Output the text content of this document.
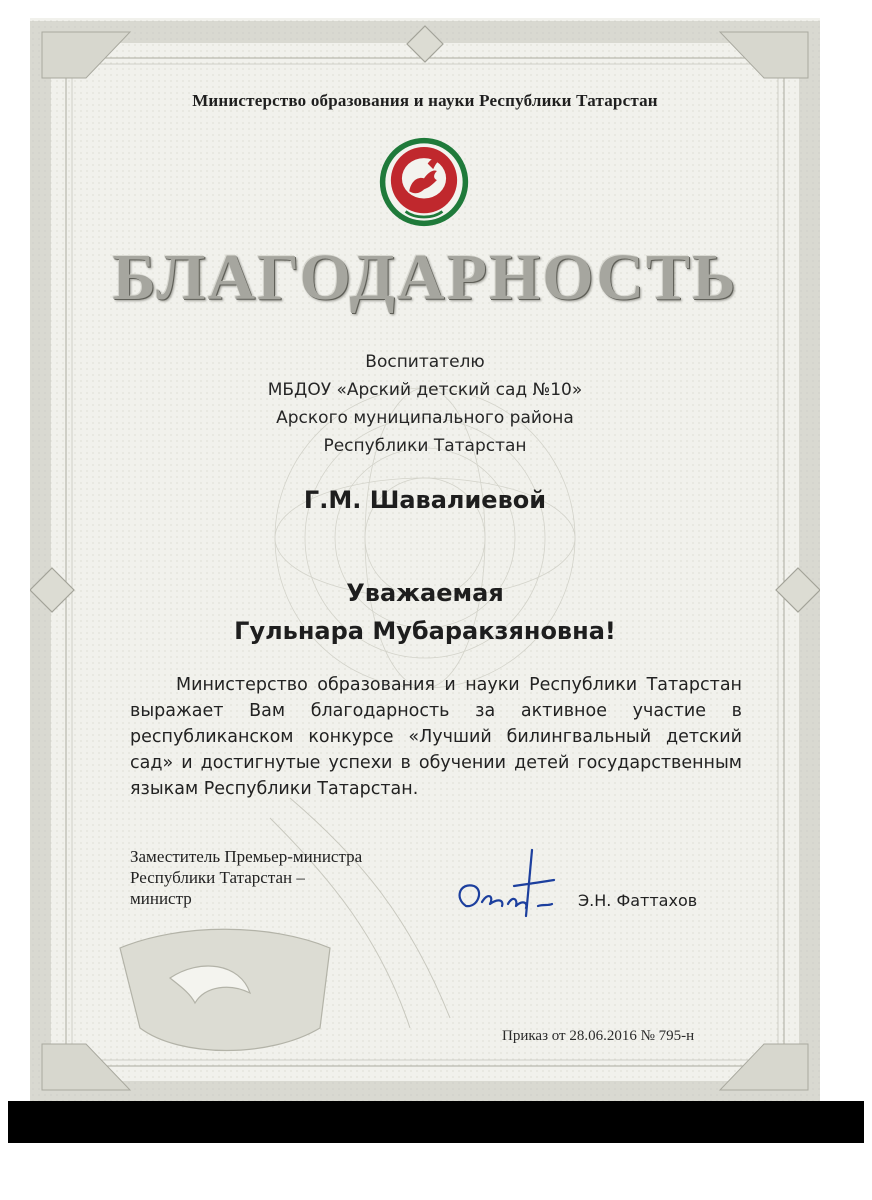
Министерство образования и науки Республики Татарстан
БЛАГОДАРНОСТЬ
Воспитателю
МБДОУ «Арский детский сад №10»
Арского муниципального района
Республики Татарстан
Г.М. Шавалиевой
Уважаемая
Гульнара Мубаракзяновна!
Министерство образования и науки Республики Татарстан выражает Вам благодарность за активное участие в республиканском конкурсе «Лучший билингвальный детский сад» и достигнутые успехи в обучении детей государственным языкам Республики Татарстан.
Заместитель Премьер-министра
Республики Татарстан –
министр	Э.Н. Фаттахов
Приказ от 28.06.2016 № 795-н
